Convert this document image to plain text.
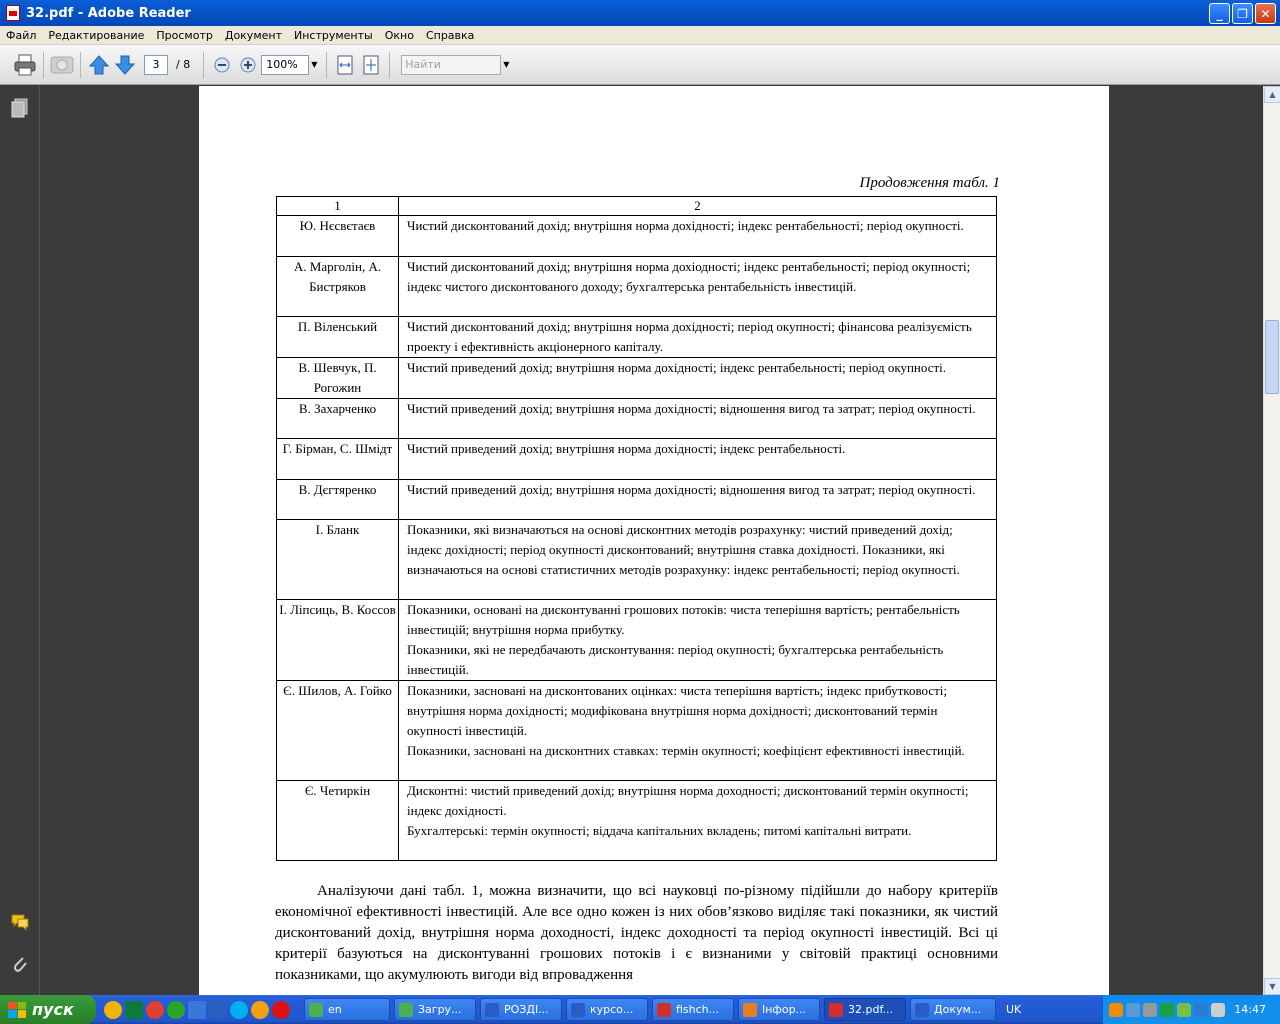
32.pdf - Adobe Reader	_	❐	✕
Файл	Редактирование	Просмотр	Документ	Инструменты	Окно	Справка
3	/ 8	100%	▼	Найти	▼
Продовження табл. 1
1	2
Ю. Нєсвєтаєв	Чистий дисконтований дохід; внутрішня норма дохідності; індекс рентабельності; період окупності.
А. Марголін, А. Бистряков	Чистий дисконтований дохід; внутрішня норма дохіодності; індекс рентабельності; період окупності; індекс чистого дисконтованого доходу; бухгалтерська рентабельність інвестицій.
П. Віленський	Чистий дисконтований дохід; внутрішня норма дохідності; період окупності; фінансова реалізуємість проекту і ефективність акціонерного капіталу.
В. Шевчук, П. Рогожин	Чистий приведений дохід; внутрішня норма дохідності; індекс рентабельності; період окупності.
В. Захарченко	Чистий приведений дохід; внутрішня норма дохідності; відношення вигод та затрат; період окупності.
Г. Бірман, С. Шмідт	Чистий приведений дохід; внутрішня норма дохідності; індекс рентабельності.
В. Дєгтяренко	Чистий приведений дохід; внутрішня норма дохідності; відношення вигод та затрат; період окупності.
І. Бланк	Показники, які визначаються на основі дисконтних методів розрахунку: чистий приведений дохід; індекс дохідності; період окупності дисконтований; внутрішня ставка дохідності. Показники, які визначаються на основі статистичних методів розрахунку: індекс рентабельності; період окупності.
І. Ліпсиць, В. Коссов	Показники, основані на дисконтуванні грошових потоків: чиста теперішня вартість; рентабельність інвестицій; внутрішня норма прибутку.
Показники, які не передбачають дисконтування: період окупності; бухгалтерська рентабельність інвестицій.

Є. Шилов, А. Гойко	Показники, засновані на дисконтованих оцінках: чиста теперішня вартість; індекс прибутковості; внутрішня норма дохідності; модифікована внутрішня норма дохідності; дисконтований термін окупності інвестицій.
Показники, засновані на дисконтних ставках: термін окупності; коефіцієнт ефективності інвестицій.

Є. Четиркін	Дисконтні: чистий приведений дохід; внутрішня норма доходності; дисконтований термін окупності; індекс дохідності.
Бухгалтерські: термін окупності; віддача капітальних вкладень; питомі капітальні витрати.
Аналізуючи дані табл. 1, можна визначити, що всі науковці по-різному підійшли до набору критеріїв економічної ефективності інвестицій. Але все одно кожен із них обов’язково виділяє такі показники, як чистий дисконтований дохід, внутрішня норма доходності, індекс доходності та період окупності інвестицій. Всі ці критерії базуються на дисконтуванні грошових потоків і є визнаними у світовій практиці основними показниками, що акумулюють вигоди від впровадження
▲
▼
пуск	en	Загру...	РОЗДІ...	курсо...	fishch...	Інфор...	32.pdf...	Докум... UK	14:47
